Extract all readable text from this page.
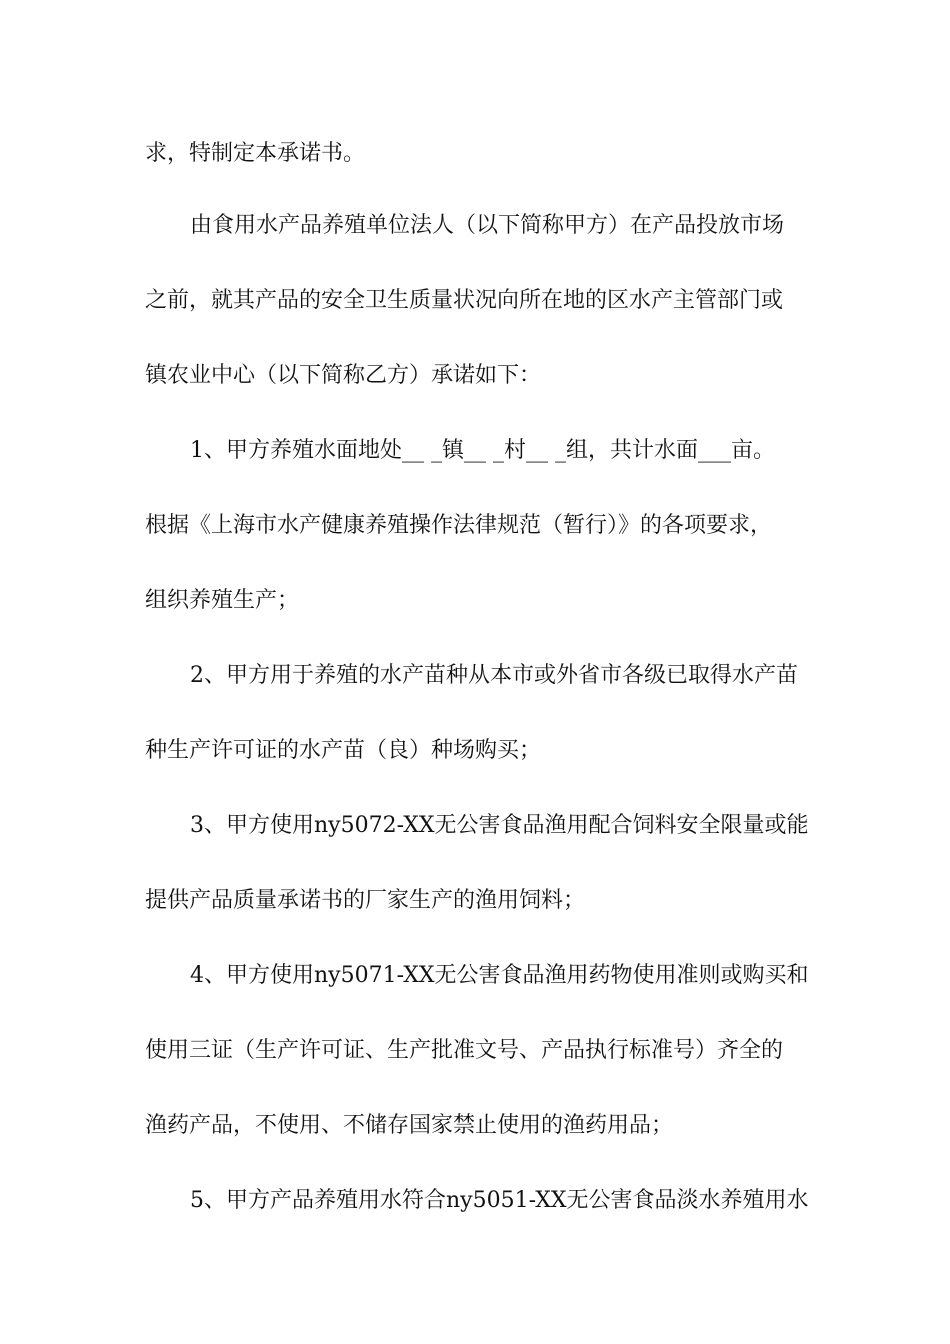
求，特制定本承诺书。
由食用水产品养殖单位法人（以下简称甲方）在产品投放市场
之前，就其产品的安全卫生质量状况向所在地的区水产主管部门或
镇农业中心（以下简称乙方）承诺如下：
1、甲方养殖水面地处__ _镇__ _村__ _组，共计水面___亩。
根据《上海市水产健康养殖操作法律规范（暂行）》的各项要求，
组织养殖生产；
2、甲方用于养殖的水产苗种从本市或外省市各级已取得水产苗
种生产许可证的水产苗（良）种场购买；
3、甲方使用ny5072-XX无公害食品渔用配合饲料安全限量或能
提供产品质量承诺书的厂家生产的渔用饲料；
4、甲方使用ny5071-XX无公害食品渔用药物使用准则或购买和
使用三证（生产许可证、生产批准文号、产品执行标准号）齐全的
渔药产品，不使用、不储存国家禁止使用的渔药用品；
5、甲方产品养殖用水符合ny5051-XX无公害食品淡水养殖用水
